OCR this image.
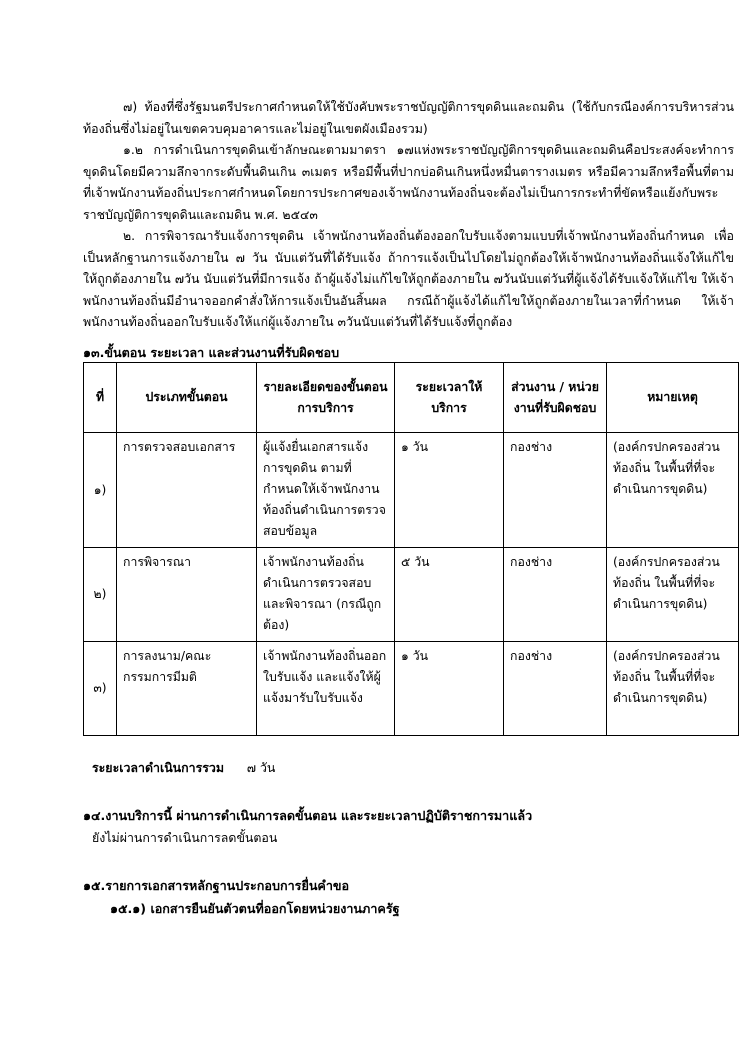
๗) ท้องที่ซึ่งรัฐมนตรีประกาศกำหนดให้ใช้บังคับพระราชบัญญัติการขุดดินและถมดิน (ใช้กับกรณีองค์การบริหารส่วนท้องถิ่นซึ่งไม่อยู่ในเขตควบคุมอาคารและไม่อยู่ในเขตผังเมืองรวม)
๑.๒ การดำเนินการขุดดินเข้าลักษณะตามมาตรา ๑๗แห่งพระราชบัญญัติการขุดดินและถมดินคือประสงค์จะทำการขุดดินโดยมีความลึกจากระดับพื้นดินเกิน ๓เมตร หรือมีพื้นที่ปากบ่อดินเกินหนึ่งหมื่นตารางเมตร หรือมีความลึกหรือพื้นที่ตามที่เจ้าพนักงานท้องถิ่นประกาศกำหนดโดยการประกาศของเจ้าพนักงานท้องถิ่นจะต้องไม่เป็นการกระทำที่ขัดหรือแย้งกับพระราชบัญญัติการขุดดินและถมดิน พ.ศ. ๒๕๔๓
๒. การพิจารณารับแจ้งการขุดดิน เจ้าพนักงานท้องถิ่นต้องออกใบรับแจ้งตามแบบที่เจ้าพนักงานท้องถิ่นกำหนด เพื่อเป็นหลักฐานการแจ้งภายใน ๗ วัน นับแต่วันที่ได้รับแจ้ง ถ้าการแจ้งเป็นไปโดยไม่ถูกต้องให้เจ้าพนักงานท้องถิ่นแจ้งให้แก้ไขให้ถูกต้องภายใน ๗วัน นับแต่วันที่มีการแจ้ง ถ้าผู้แจ้งไม่แก้ไขให้ถูกต้องภายใน ๗วันนับแต่วันที่ผู้แจ้งได้รับแจ้งให้แก้ไข ให้เจ้าพนักงานท้องถิ่นมีอำนาจออกคำสั่งให้การแจ้งเป็นอันสิ้นผล กรณีถ้าผู้แจ้งได้แก้ไขให้ถูกต้องภายในเวลาที่กำหนด ให้เจ้าพนักงานท้องถิ่นออกใบรับแจ้งให้แก่ผู้แจ้งภายใน ๓วันนับแต่วันที่ได้รับแจ้งที่ถูกต้อง
๑๓.ขั้นตอน ระยะเวลา และส่วนงานที่รับผิดชอบ
ที่	ประเภทขั้นตอน	รายละเอียดของขั้นตอนการบริการ	ระยะเวลาให้บริการ	ส่วนงาน / หน่วยงานที่รับผิดชอบ	หมายเหตุ
๑)	การตรวจสอบเอกสาร	ผู้แจ้งยื่นเอกสารแจ้งการขุดดิน ตามที่กำหนดให้เจ้าพนักงานท้องถิ่นดำเนินการตรวจสอบข้อมูล	๑ วัน	กองช่าง	(องค์กรปกครองส่วนท้องถิ่น ในพื้นที่ที่จะดำเนินการขุดดิน)
๒)	การพิจารณา	เจ้าพนักงานท้องถิ่นดำเนินการตรวจสอบและพิจารณา (กรณีถูกต้อง)	๕ วัน	กองช่าง	(องค์กรปกครองส่วนท้องถิ่น ในพื้นที่ที่จะดำเนินการขุดดิน)
๓)	การลงนาม/คณะกรรมการมีมติ	เจ้าพนักงานท้องถิ่นออกใบรับแจ้ง และแจ้งให้ผู้แจ้งมารับใบรับแจ้ง	๑ วัน	กองช่าง	(องค์กรปกครองส่วนท้องถิ่น ในพื้นที่ที่จะดำเนินการขุดดิน)
ระยะเวลาดำเนินการรวม ๗ วัน
๑๔.งานบริการนี้ ผ่านการดำเนินการลดขั้นตอน และระยะเวลาปฏิบัติราชการมาแล้ว
ยังไม่ผ่านการดำเนินการลดขั้นตอน
๑๕.รายการเอกสารหลักฐานประกอบการยื่นคำขอ
๑๕.๑) เอกสารยืนยันตัวตนที่ออกโดยหน่วยงานภาครัฐ
